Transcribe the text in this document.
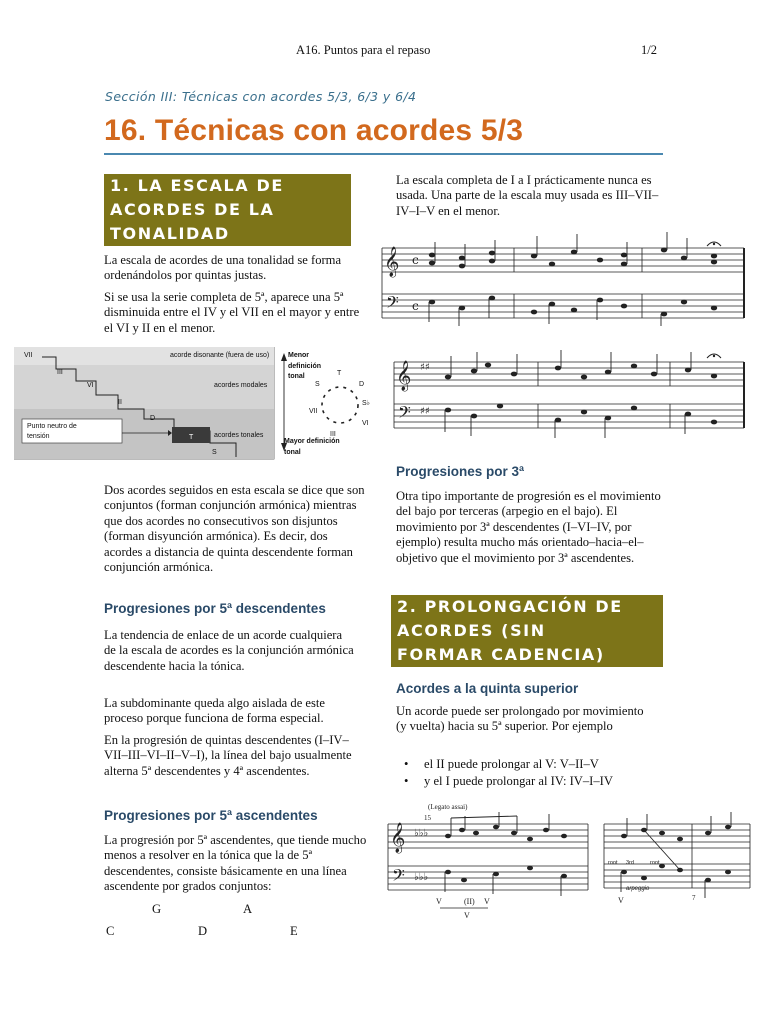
A16. Puntos para el repaso	1/2
Sección III: Técnicas con acordes 5/3, 6/3 y 6/4
16. Técnicas con acordes 5/3
1. LA ESCALA DE
ACORDES DE LA
TONALIDAD

La escala de acordes de una tonalidad se forma ordenándolos por quintas justas.

Si se usa la serie completa de 5ª, aparece una 5ª disminuida entre el IV y el VII en el mayor y entre el VI y II en el menor.

VII
III
VI
II
D
T
S
acorde disonante (fuera de uso)
acordes modales
acordes tonales
Punto neutro de
tensión
Menor
definición
tonal
Mayor definición
tonal
T
D
S
S♭
VI
III
VII

Dos acordes seguidos en esta escala se dice que son conjuntos (forman conjunción armónica) mientras que dos acordes no consecutivos son disjuntos (forman disyunción armónica). Es decir, dos acordes a distancia de quinta descendente forman conjunción armónica.

Progresiones por 5ª descendentes

La tendencia de enlace de un acorde cualquiera de la escala de acordes es la conjunción armónica descendente hacia la tónica.

La subdominante queda algo aislada de este proceso porque funciona de forma especial.

En la progresión de quintas descendentes (I–IV–VII–III–VI–II–V–I), la línea del bajo usualmente alterna 5ª descendentes y 4ª ascendentes.

Progresiones por 5ª ascendentes

La progresión por 5ª ascendentes, que tiende mucho menos a resolver en la tónica que la de 5ª descendentes, consiste básicamente en una línea ascendente por grados conjuntos:

G	A
C	D	E

La escala completa de I a I prácticamente nunca es usada. Una parte de la escala muy usada es III–VII–IV–I–V en el menor.

𝄞
𝄢
c
c
𝄞
𝄢
♯♯
♯♯
Progresiones por 3ª

Otra tipo importante de progresión es el movimiento del bajo por terceras (arpegio en el bajo). El movimiento por 3ª descendentes (I–VI–IV, por ejemplo) resulta mucho más orientado–hacia–el–objetivo que el movimiento por 3ª ascendentes.

2. PROLONGACIÓN DE
ACORDES (SIN
FORMAR CADENCIA)
Acordes a la quinta superior

Un acorde puede ser prolongado por movimiento (y vuelta) hacia su 5ª superior. Por ejemplo

• el II puede prolongar al V: V–II–V
• y el I puede prolongar al IV: IV–I–IV
(Legato assai)
15
𝄞
𝄢
♭♭♭
♭♭♭
V	(II) V
V
root 3rd	root
arpeggio
V	7
